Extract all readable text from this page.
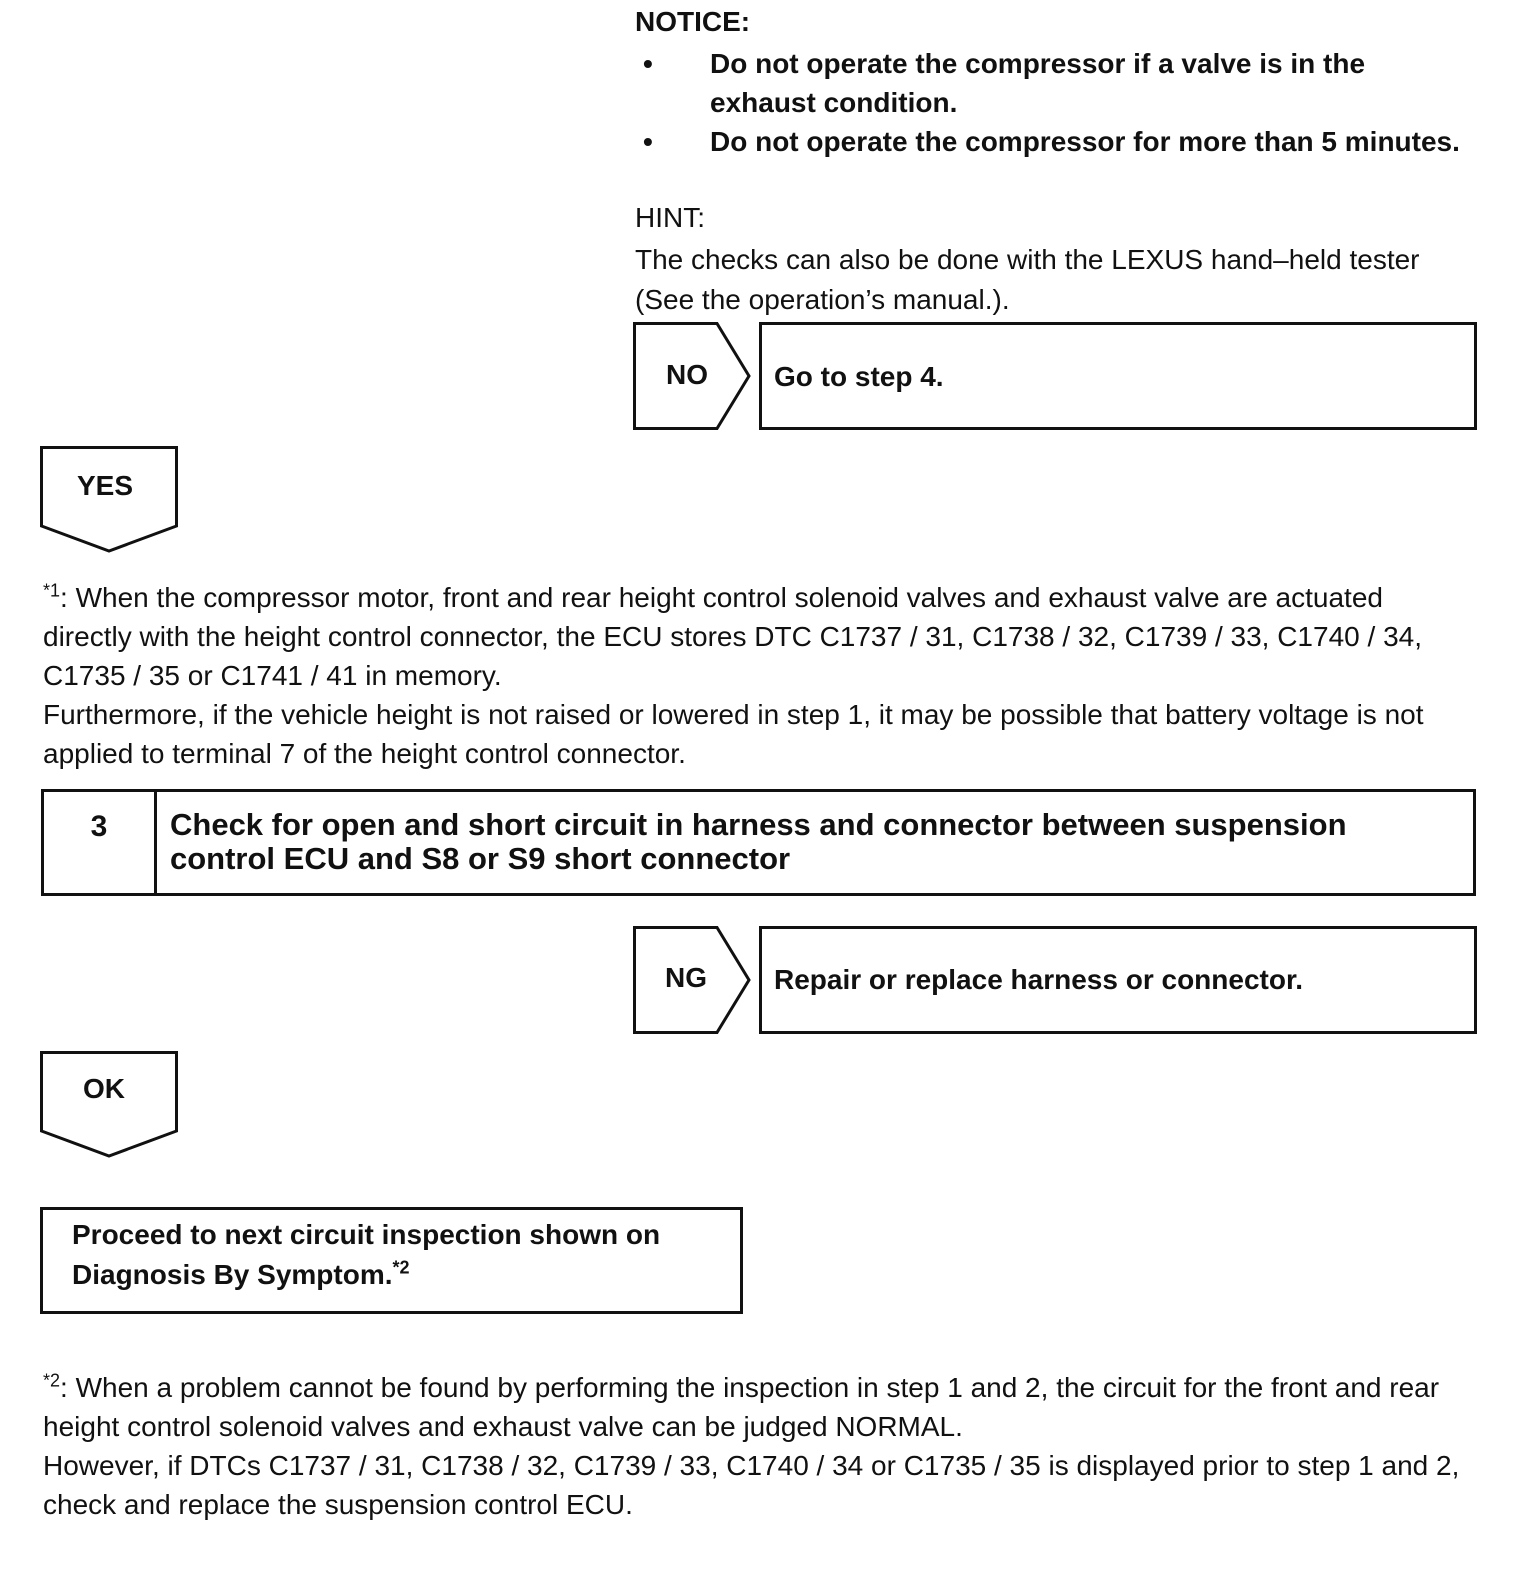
NOTICE:
• Do not operate the compressor if a valve is in the exhaust condition.
• Do not operate the compressor for more than 5 minutes.
HINT:
The checks can also be done with the LEXUS hand–held tester (See the operation’s manual.).
NO Go to step 4.
YES
$^{*1}$: When the compressor motor, front and rear height control solenoid valves and exhaust valve are actuated directly with the height control connector, the ECU stores DTC C1737 / 31, C1738 / 32, C1739 / 33, C1740 / 34, C1735 / 35 or C1741 / 41 in memory.
Furthermore, if the vehicle height is not raised or lowered in step 1, it may be possible that battery voltage is not applied to terminal 7 of the height control connector.
3	Check for open and short circuit in harness and connector between suspension control ECU and S8 or S9 short connector
NG Repair or replace harness or connector.
OK
Proceed to next circuit inspection shown on Diagnosis By Symptom.$^{*2}$
$^{*2}$: When a problem cannot be found by performing the inspection in step 1 and 2, the circuit for the front and rear height control solenoid valves and exhaust valve can be judged NORMAL.
However, if DTCs C1737 / 31, C1738 / 32, C1739 / 33, C1740 / 34 or C1735 / 35 is displayed prior to step 1 and 2, check and replace the suspension control ECU.
